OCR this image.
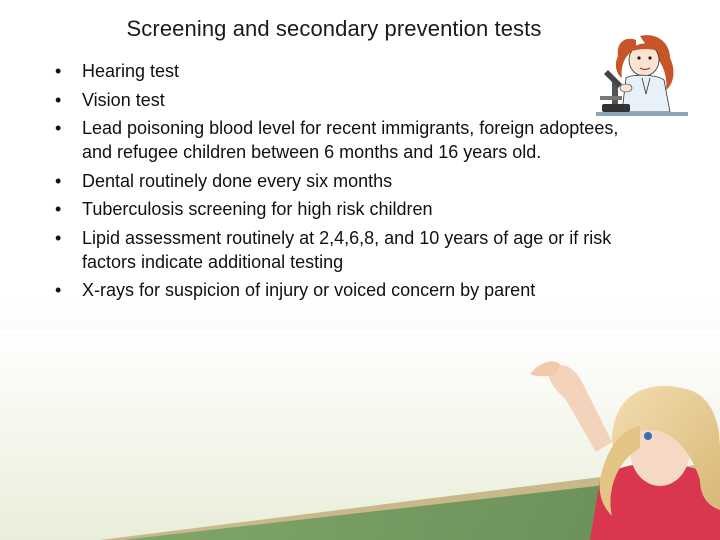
Screening and secondary prevention tests
• Hearing test
• Vision test
• Lead poisoning blood level for recent immigrants, foreign adoptees, and refugee children between 6 months and 16 years old.
• Dental routinely done every six months
• Tuberculosis screening for high risk children
• Lipid assessment routinely at 2,4,6,8, and 10 years of age or if risk factors indicate additional testing
• X-rays for suspicion of injury or voiced concern by parent
